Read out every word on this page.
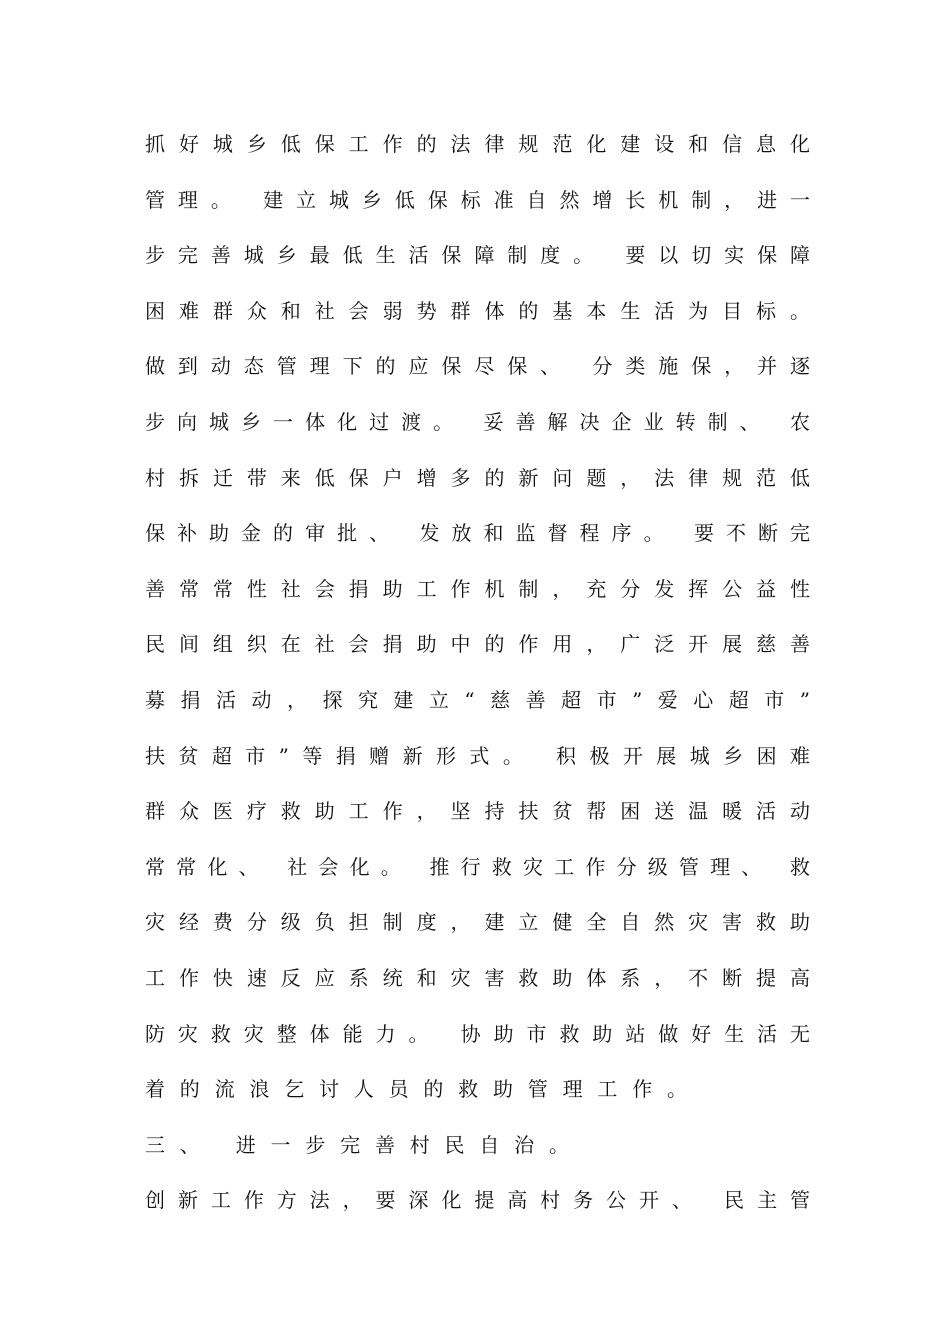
抓好城乡低保工作的法律规范化建设和信息化
管理。 建立城乡低保标准自然增长机制，进一
步完善城乡最低生活保障制度。 要以切实保障
困难群众和社会弱势群体的基本生活为目标。
做到动态管理下的应保尽保、 分类施保，并逐
步向城乡一体化过渡。 妥善解决企业转制、 农
村拆迁带来低保户增多的新问题，法律规范低
保补助金的审批、 发放和监督程序。 要不断完
善常常性社会捐助工作机制，充分发挥公益性
民间组织在社会捐助中的作用，广泛开展慈善
募捐活动，探究建立“慈善超市”爱心超市”
扶贫超市”等捐赠新形式。 积极开展城乡困难
群众医疗救助工作，坚持扶贫帮困送温暖活动
常常化、 社会化。 推行救灾工作分级管理、 救
灾经费分级负担制度，建立健全自然灾害救助
工作快速反应系统和灾害救助体系，不断提高
防灾救灾整体能力。 协助市救助站做好生活无
着的流浪乞讨人员的救助管理工作。
三、 进一步完善村民自治。
创新工作方法，要深化提高村务公开、 民主管
